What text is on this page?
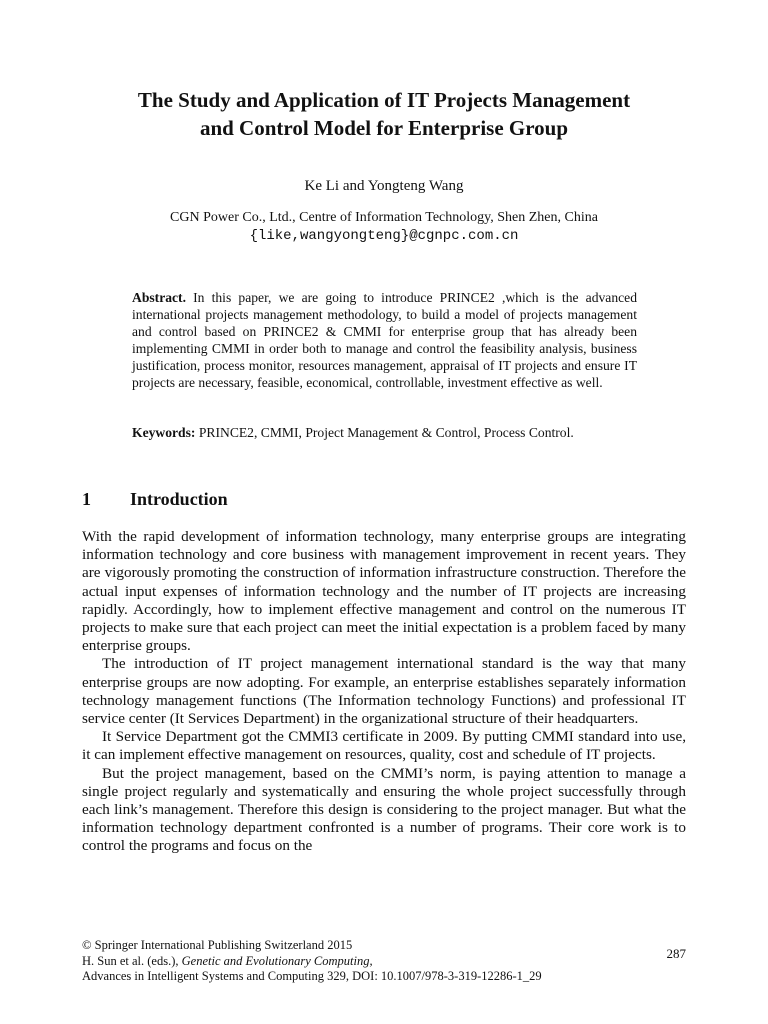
The Study and Application of IT Projects Management
and Control Model for Enterprise Group
Ke Li and Yongteng Wang
CGN Power Co., Ltd., Centre of Information Technology, Shen Zhen, China
{like,wangyongteng}@cgnpc.com.cn

Abstract. In this paper, we are going to introduce PRINCE2 ,which is the advanced international projects management methodology, to build a model of projects management and control based on PRINCE2 & CMMI for enterprise group that has already been implementing CMMI in order both to manage and control the feasibility analysis, business justification, process monitor, resources management, appraisal of IT projects and ensure IT projects are necessary, feasible, economical, controllable, investment effective as well.

Keywords: PRINCE2, CMMI, Project Management & Control, Process Control.

1 Introduction

With the rapid development of information technology, many enterprise groups are integrating information technology and core business with management improvement in recent years. They are vigorously promoting the construction of information infrastructure construction. Therefore the actual input expenses of information technology and the number of IT projects are increasing rapidly. Accordingly, how to implement effective management and control on the numerous IT projects to make sure that each project can meet the initial expectation is a problem faced by many enterprise groups.

The introduction of IT project management international standard is the way that many enterprise groups are now adopting. For example, an enterprise establishes separately information technology management functions (The Information technology Functions) and professional IT service center (It Services Department) in the organizational structure of their headquarters.

It Service Department got the CMMI3 certificate in 2009. By putting CMMI standard into use, it can implement effective management on resources, quality, cost and schedule of IT projects.

But the project management, based on the CMMI’s norm, is paying attention to manage a single project regularly and systematically and ensuring the whole project successfully through each link’s management. Therefore this design is considering to the project manager. But what the information technology department confronted is a number of programs. Their core work is to control the programs and focus on the

© Springer International Publishing Switzerland 2015
H. Sun et al. (eds.), Genetic and Evolutionary Computing,
Advances in Intelligent Systems and Computing 329, DOI: 10.1007/978-3-319-12286-1_29
287
